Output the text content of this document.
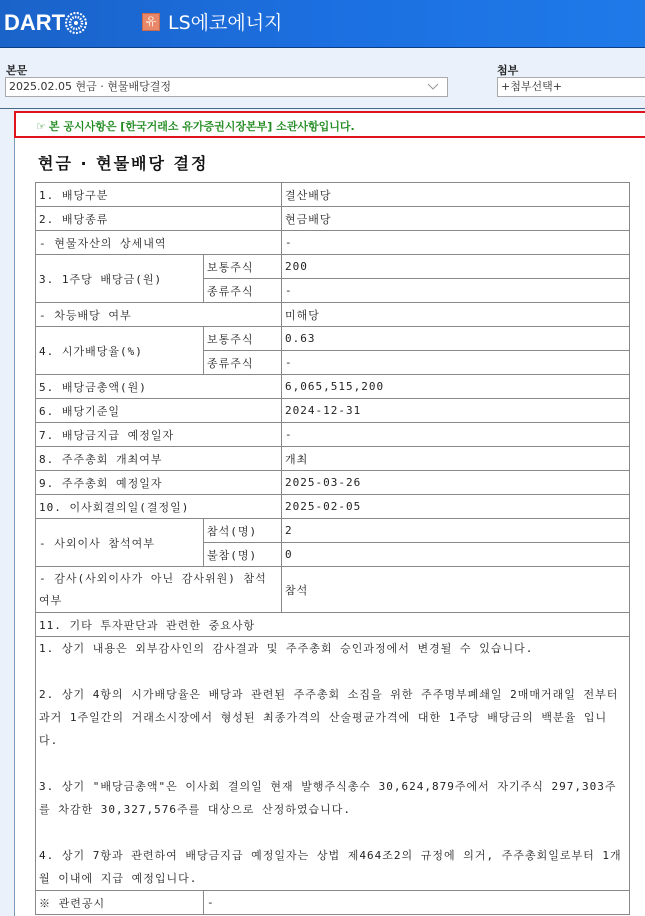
DART	유 LS에코에너지
본문
2025.02.05 현금 · 현물배당결정
첨부
+첨부선택+
☞ 본 공시사항은 [한국거래소 유가증권시장본부] 소관사항입니다.
현금 · 현물배당 결정
1. 배당구분		결산배당
2. 배당종류		현금배당
- 현물자산의 상세내역		-
3. 1주당 배당금(원)	보통주식	200
	종류주식	-
- 차등배당 여부		미해당
4. 시가배당율(%)	보통주식	0.63
	종류주식	-
5. 배당금총액(원)		6,065,515,200
6. 배당기준일		2024-12-31
7. 배당금지급 예정일자		-
8. 주주총회 개최여부		개최
9. 주주총회 예정일자		2025-03-26
10. 이사회결의일(결정일)		2025-02-05
- 사외이사 참석여부	참석(명)	2
	불참(명)	0
- 감사(사외이사가 아닌 감사위원) 참석여부		참석
11. 기타 투자판단과 관련한 중요사항		

1. 상기 내용은 외부감사인의 감사결과 및 주주총회 승인과정에서 변경될 수 있습니다.
2. 상기 4항의 시가배당율은 배당과 관련된 주주총회 소집을 위한 주주명부폐쇄일 2매매거래일 전부터 과거 1주일간의 거래소시장에서 형성된 최종가격의 산술평균가격에 대한 1주당 배당금의 백분율 입니다.
3. 상기 "배당금총액"은 이사회 결의일 현재 발행주식총수 30,624,879주에서 자기주식 297,303주를 차감한 30,327,576주를 대상으로 산정하였습니다.
4. 상기 7항과 관련하여 배당금지급 예정일자는 상법 제464조2의 규정에 의거, 주주총회일로부터 1개월 이내에 지급 예정입니다.		

※ 관련공시	-	
